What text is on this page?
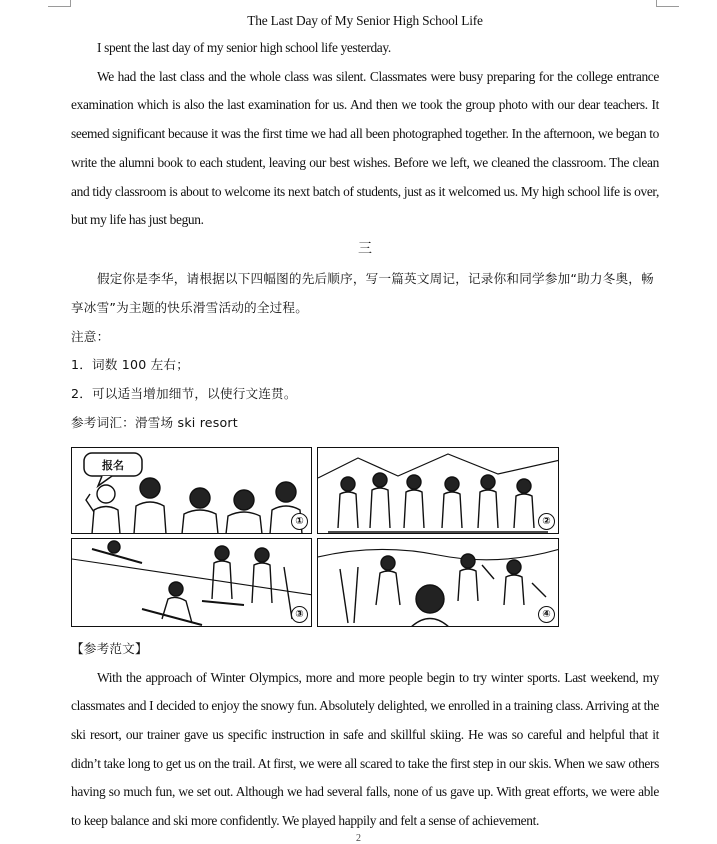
The Last Day of My Senior High School Life

I spent the last day of my senior high school life yesterday.

We had the last class and the whole class was silent. Classmates were busy preparing for the college entrance examination which is also the last examination for us. And then we took the group photo with our dear teachers. It seemed significant because it was the first time we had all been photographed together. In the afternoon, we began to write the alumni book to each student, leaving our best wishes. Before we left, we cleaned the classroom. The clean and tidy classroom is about to welcome its next batch of students, just as it welcomed us. My high school life is over, but my life has just begun.

三

假定你是李华，请根据以下四幅图的先后顺序，写一篇英文周记，记录你和同学参加“助力冬奥，畅享冰雪”为主题的快乐滑雪活动的全过程。

注意：

1．词数 100 左右；

2．可以适当增加细节，以使行文连贯。

参考词汇：滑雪场 ski resort

报名
①	②
③	④

【参考范文】

With the approach of Winter Olympics, more and more people begin to try winter sports. Last weekend, my classmates and I decided to enjoy the snowy fun. Absolutely delighted, we enrolled in a training class. Arriving at the ski resort, our trainer gave us specific instruction in safe and skillful skiing. He was so careful and helpful that it didn’t take long to get us on the trail. At first, we were all scared to take the first step in our skis. When we saw others having so much fun, we set out. Although we had several falls, none of us gave up. With great efforts, we were able to keep balance and ski more confidently. We played happily and felt a sense of achievement.

2
